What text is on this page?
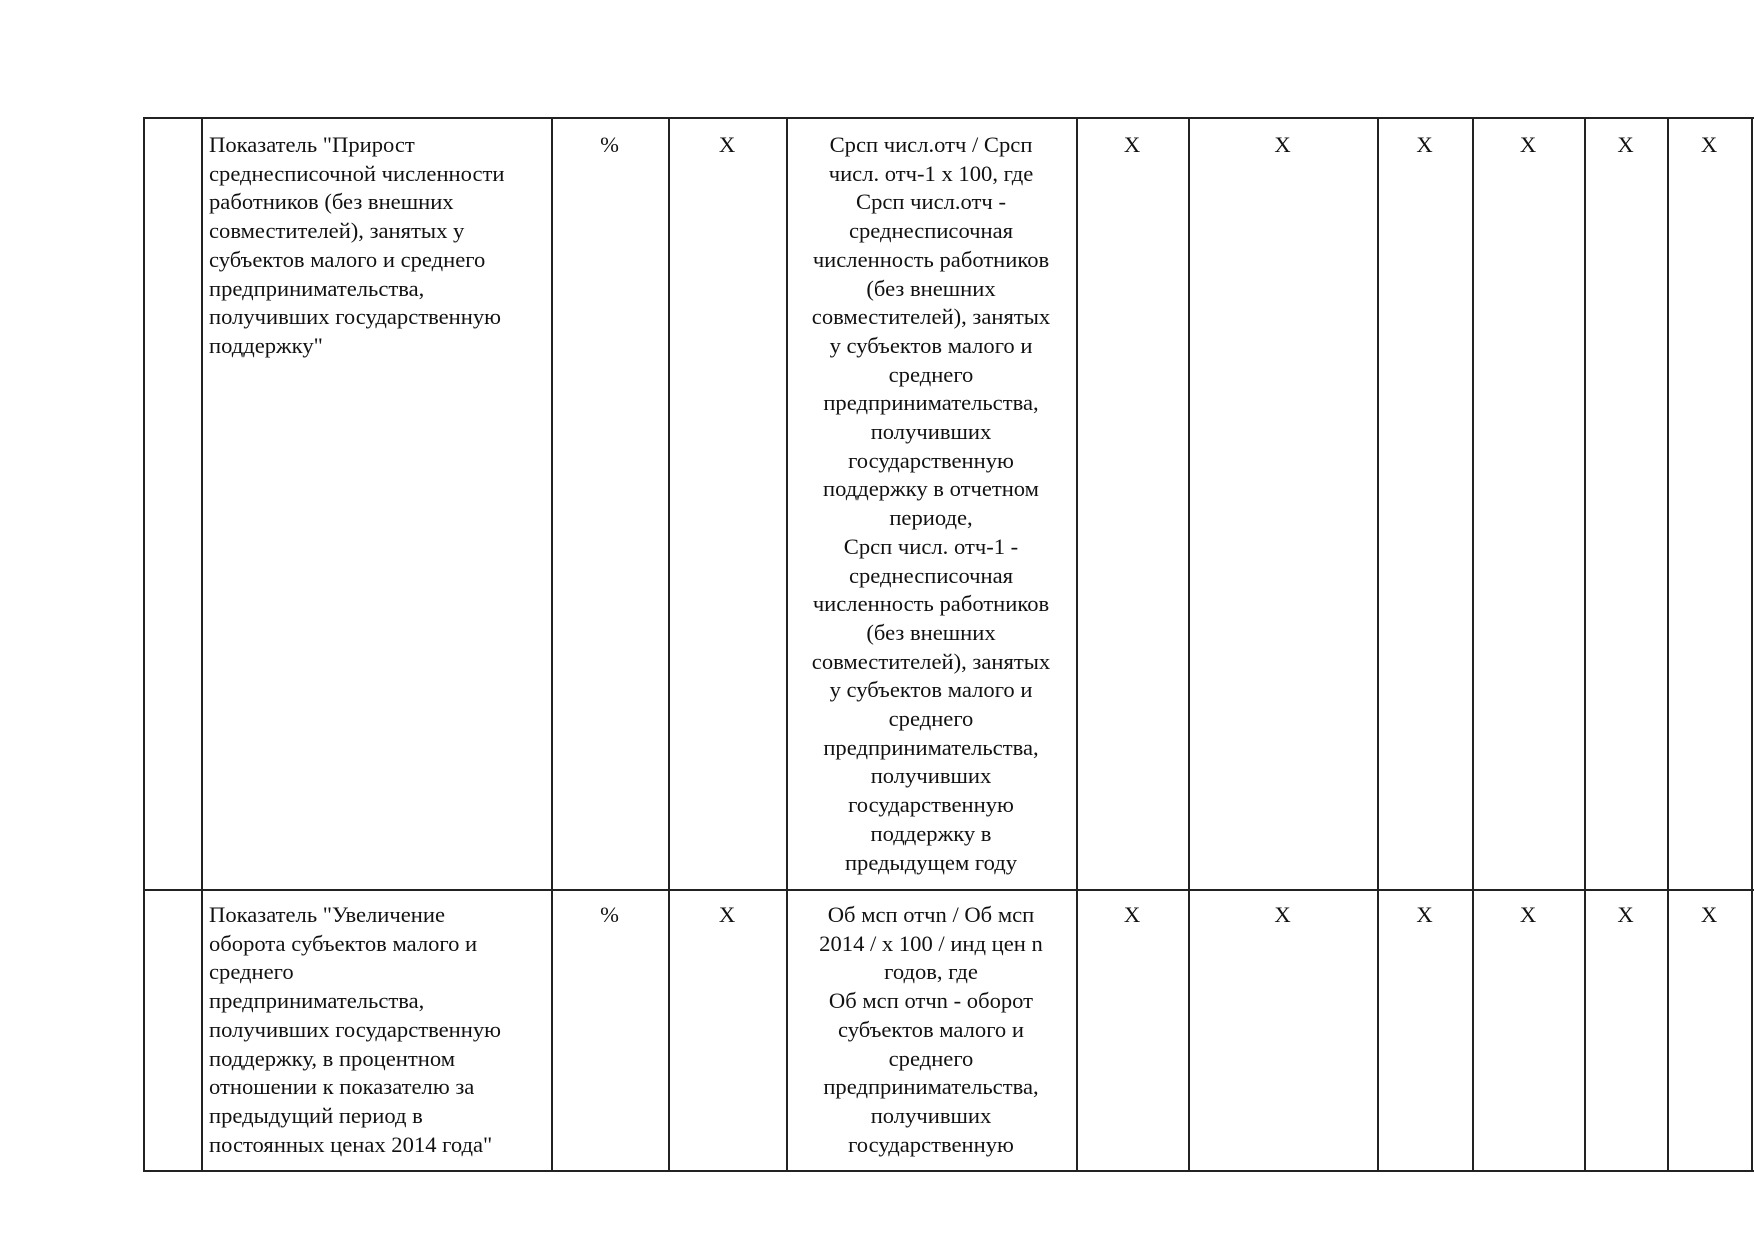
Показатель "Прирост
среднесписочной численности
работников (без внешних
совместителей), занятых у
субъектов малого и среднего
предпринимательства,
получивших государственную
поддержку"
%	X	Срсп числ.отч / Срсп
числ. отч-1 x 100, где
Срсп числ.отч -
среднесписочная
численность работников
(без внешних
совместителей), занятых
у субъектов малого и
среднего
предпринимательства,
получивших
государственную
поддержку в отчетном
периоде,
Срсп числ. отч-1 -
среднесписочная
численность работников
(без внешних
совместителей), занятых
у субъектов малого и
среднего
предпринимательства,
получивших
государственную
поддержку в
предыдущем году
X	X	X	X	X	X
Показатель "Увеличение
оборота субъектов малого и
среднего
предпринимательства,
получивших государственную
поддержку, в процентном
отношении к показателю за
предыдущий период в
постоянных ценах 2014 года"
%	X	Об мсп отчn / Об мсп
2014 / x 100 / инд цен n
годов, где
Об мсп отчn - оборот
субъектов малого и
среднего
предпринимательства,
получивших
государственную
X	X	X	X	X	X
